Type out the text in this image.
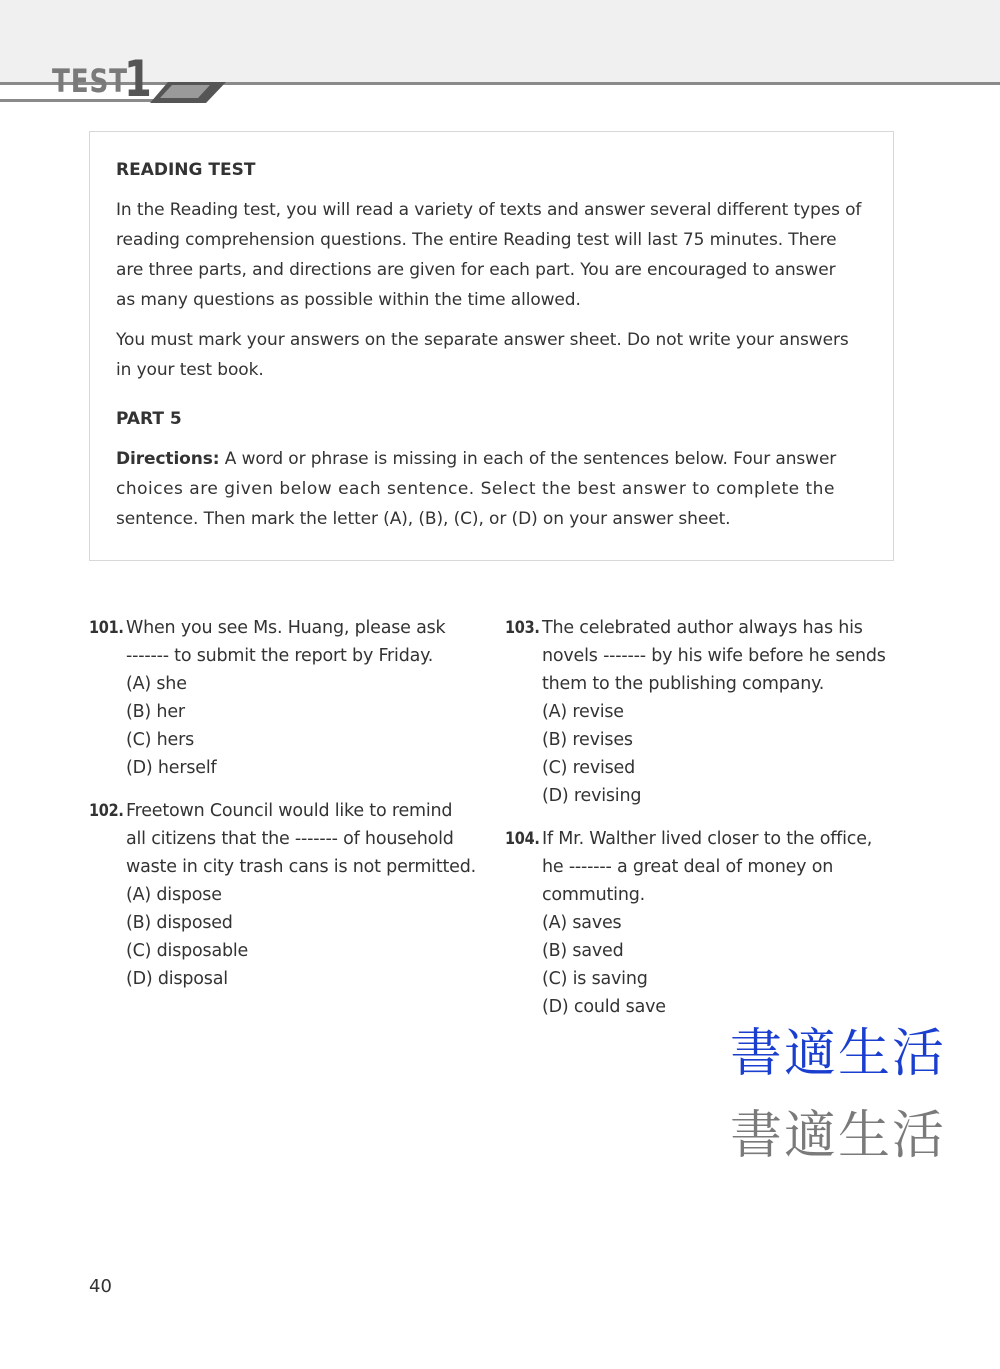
TEST
1
READING TEST
In the Reading test, you will read a variety of texts and answer several different types of
reading comprehension questions. The entire Reading test will last 75 minutes. There
are three parts, and directions are given for each part. You are encouraged to answer
as many questions as possible within the time allowed.
You must mark your answers on the separate answer sheet. Do not write your answers
in your test book.
PART 5
Directions: A word or phrase is missing in each of the sentences below. Four answer
choices are given below each sentence. Select the best answer to complete the
sentence. Then mark the letter (A), (B), (C), or (D) on your answer sheet.
101. When you see Ms. Huang, please ask
------- to submit the report by Friday.
(A) she
(B) her
(C) hers
(D) herself
102. Freetown Council would like to remind
all citizens that the ------- of household
waste in city trash cans is not permitted.
(A) dispose
(B) disposed
(C) disposable
(D) disposal
103. The celebrated author always has his
novels ------- by his wife before he sends
them to the publishing company.
(A) revise
(B) revises
(C) revised
(D) revising
104. If Mr. Walther lived closer to the office,
he ------- a great deal of money on
commuting.
(A) saves
(B) saved
(C) is saving
(D) could save
書適生活
書適生活
40
